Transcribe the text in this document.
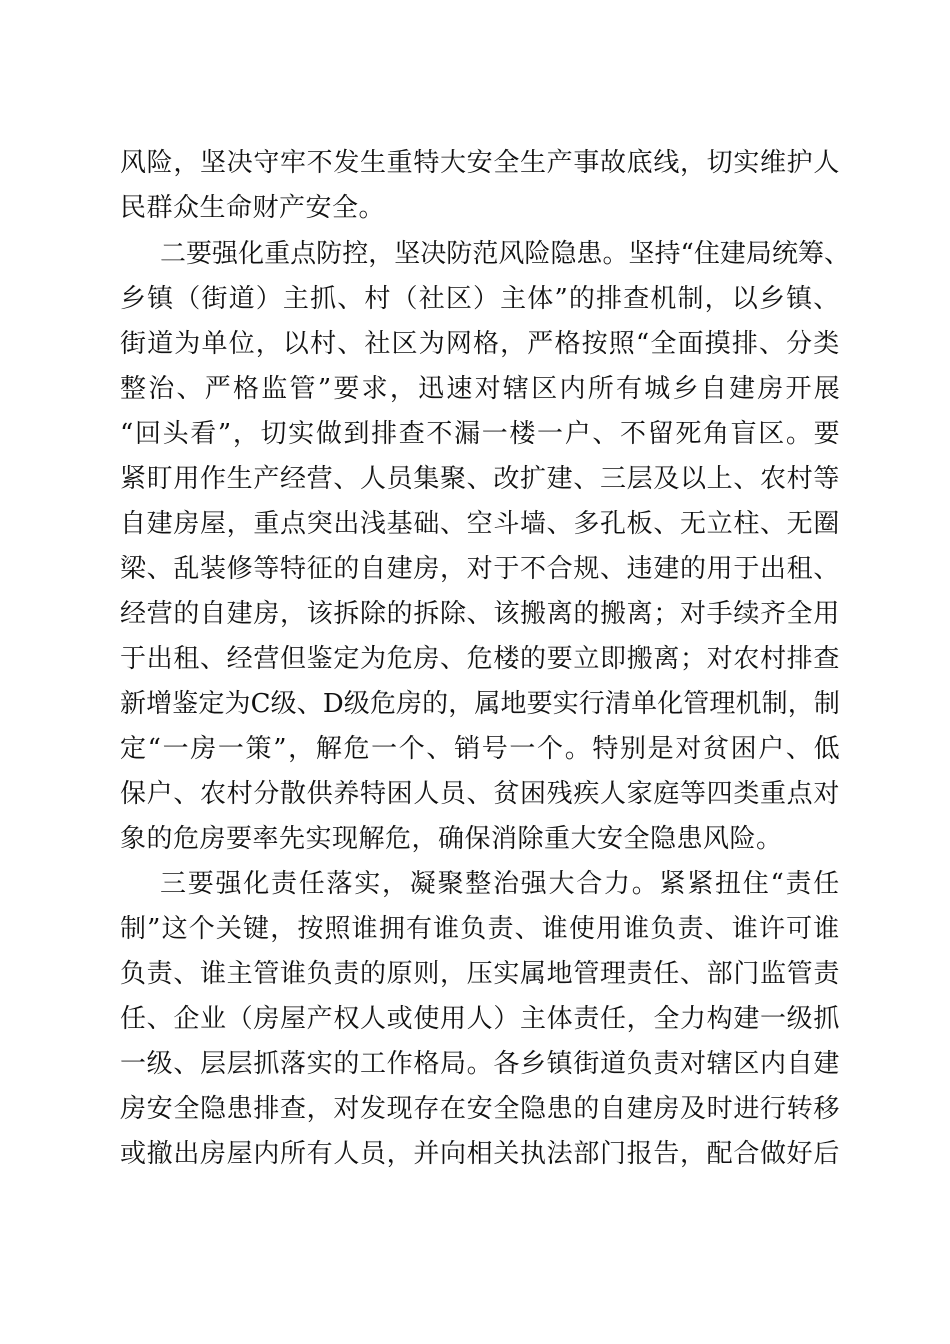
风险，坚决守牢不发生重特大安全生产事故底线，切实维护人
民群众生命财产安全。
二要强化重点防控，坚决防范风险隐患。坚持“住建局统筹、
乡镇（街道）主抓、村（社区）主体”的排查机制，以乡镇、
街道为单位，以村、社区为网格，严格按照“全面摸排、分类
整治、严格监管”要求，迅速对辖区内所有城乡自建房开展
“回头看”，切实做到排查不漏一楼一户、不留死角盲区。要
紧盯用作生产经营、人员集聚、改扩建、三层及以上、农村等
自建房屋，重点突出浅基础、空斗墙、多孔板、无立柱、无圈
梁、乱装修等特征的自建房，对于不合规、违建的用于出租、
经营的自建房，该拆除的拆除、该搬离的搬离；对手续齐全用
于出租、经营但鉴定为危房、危楼的要立即搬离；对农村排查
新增鉴定为C级、D级危房的，属地要实行清单化管理机制，制
定“一房一策”，解危一个、销号一个。特别是对贫困户、低
保户、农村分散供养特困人员、贫困残疾人家庭等四类重点对
象的危房要率先实现解危，确保消除重大安全隐患风险。
三要强化责任落实，凝聚整治强大合力。紧紧扭住“责任
制”这个关键，按照谁拥有谁负责、谁使用谁负责、谁许可谁
负责、谁主管谁负责的原则，压实属地管理责任、部门监管责
任、企业（房屋产权人或使用人）主体责任，全力构建一级抓
一级、层层抓落实的工作格局。各乡镇街道负责对辖区内自建
房安全隐患排查，对发现存在安全隐患的自建房及时进行转移
或撤出房屋内所有人员，并向相关执法部门报告，配合做好后
